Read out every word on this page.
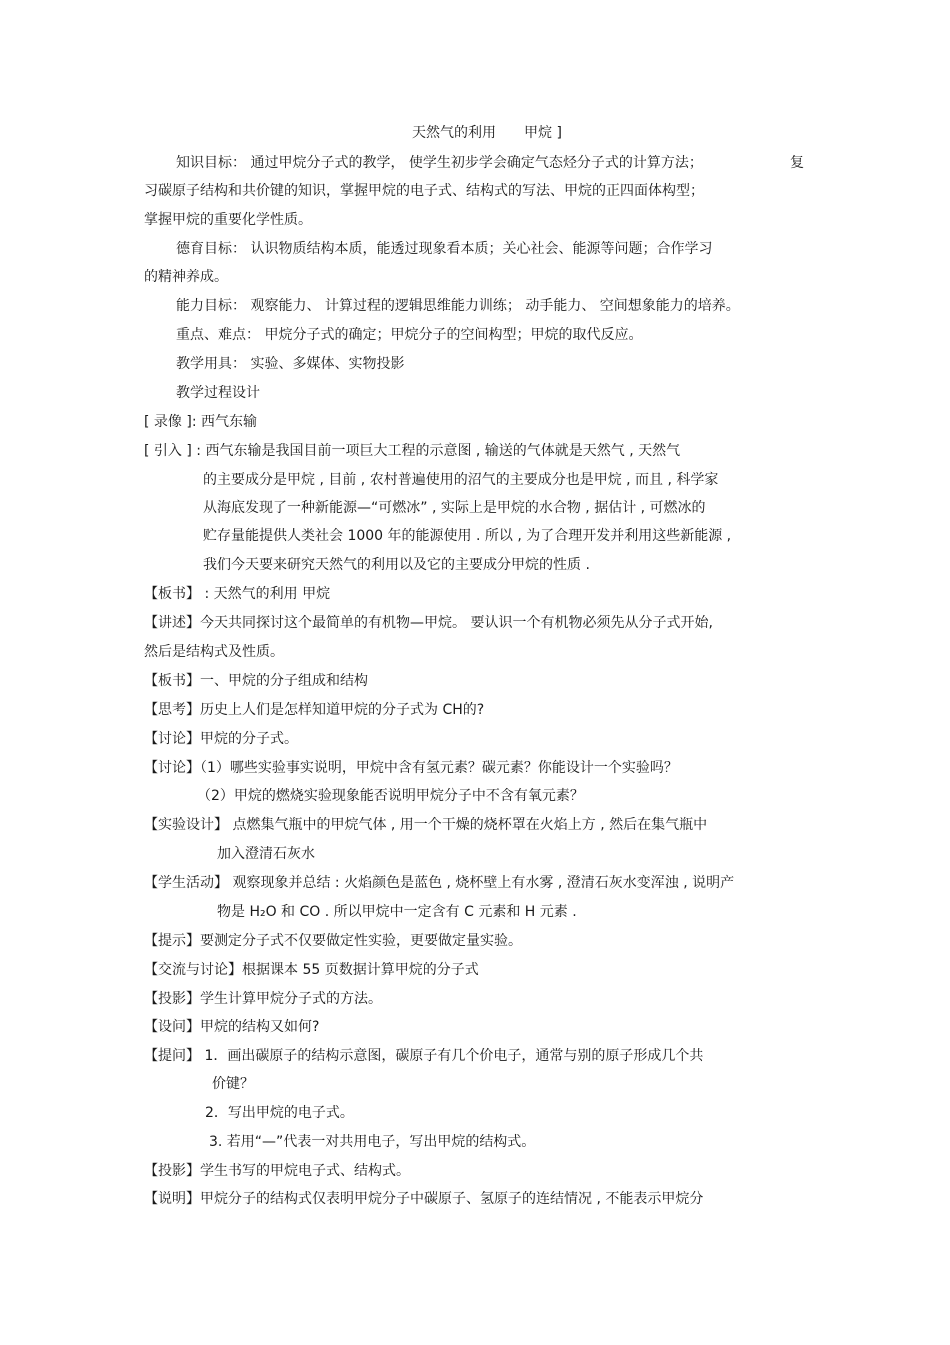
天然气的利用　　甲烷 ]
知识目标： 通过甲烷分子式的教学， 使学生初步学会确定气态烃分子式的计算方法；	复
习碳原子结构和共价键的知识，掌握甲烷的电子式、结构式的写法、甲烷的正四面体构型；
掌握甲烷的重要化学性质。
德育目标： 认识物质结构本质，能透过现象看本质；关心社会、能源等问题；合作学习
的精神养成。
能力目标： 观察能力、 计算过程的逻辑思维能力训练； 动手能力、 空间想象能力的培养。
重点、难点： 甲烷分子式的确定；甲烷分子的空间构型；甲烷的取代反应。
教学用具： 实验、多媒体、实物投影
教学过程设计
[ 录像 ]: 西气东输
[ 引入 ] : 西气东输是我国目前一项巨大工程的示意图 , 输送的气体就是天然气 , 天然气
的主要成分是甲烷 , 目前 , 农村普遍使用的沼气的主要成分也是甲烷 , 而且 , 科学家
从海底发现了一种新能源—“可燃冰” , 实际上是甲烷的水合物 , 据估计 , 可燃冰的
贮存量能提供人类社会 1000 年的能源使用 . 所以 , 为了合理开发并利用这些新能源 ,
我们今天要来研究天然气的利用以及它的主要成分甲烷的性质 .
【板书】 : 天然气的利用 甲烷
【讲述】今天共同探讨这个最简单的有机物—甲烷。 要认识一个有机物必须先从分子式开始,
然后是结构式及性质。
【板书】一、甲烷的分子组成和结构
【思考】历史上人们是怎样知道甲烷的分子式为 CH的?
【讨论】甲烷的分子式。
【讨论】（1）哪些实验事实说明，甲烷中含有氢元素？碳元素？你能设计一个实验吗？
（2）甲烷的燃烧实验现象能否说明甲烷分子中不含有氧元素？
【实验设计】 点燃集气瓶中的甲烷气体 , 用一个干燥的烧杯罩在火焰上方 , 然后在集气瓶中
加入澄清石灰水
【学生活动】 观察现象并总结 : 火焰颜色是蓝色 , 烧杯壁上有水雾 , 澄清石灰水变浑浊 , 说明产
物是 H₂O 和 CO . 所以甲烷中一定含有 C 元素和 H 元素 .
【提示】要测定分子式不仅要做定性实验，更要做定量实验。
【交流与讨论】根据课本 55 页数据计算甲烷的分子式
【投影】学生计算甲烷分子式的方法。
【设问】甲烷的结构又如何?
【提问】 1．画出碳原子的结构示意图，碳原子有几个价电子，通常与别的原子形成几个共
价键？
2．写出甲烷的电子式。
3. 若用“—”代表一对共用电子，写出甲烷的结构式。
【投影】学生书写的甲烷电子式、结构式。
【说明】甲烷分子的结构式仅表明甲烷分子中碳原子、氢原子的连结情况 , 不能表示甲烷分
